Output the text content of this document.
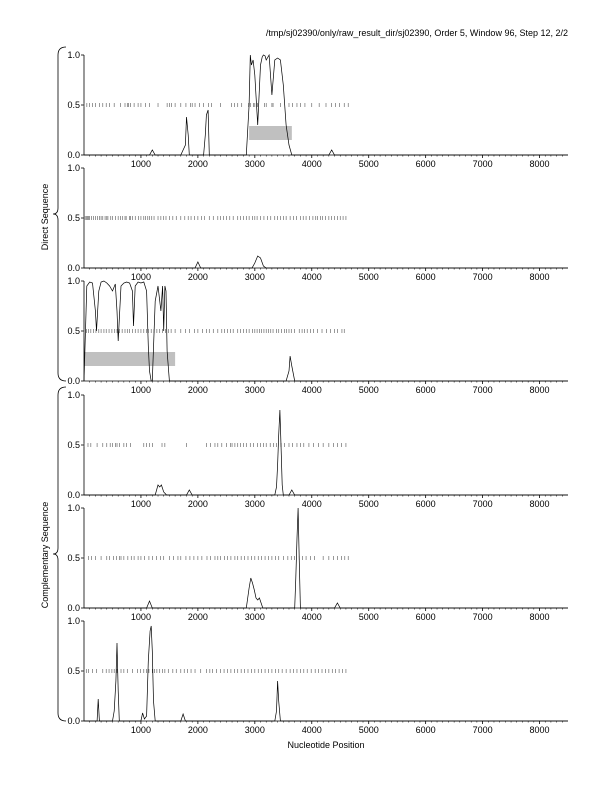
/tmp/sj02390/only/raw_result_dir/sj02390, Order 5, Window 96, Step 12, 2/2
0.0
0.5
1.0
1000	2000	3000	4000	5000	6000	7000	8000
0.0
0.5
1.0
1000	2000	3000	4000	5000	6000	7000	8000
0.0
0.5
1.0
1000	2000	3000	4000	5000	6000	7000	8000
0.0
0.5
1.0
1000	2000	3000	4000	5000	6000	7000	8000
0.0
0.5
1.0
1000	2000	3000	4000	5000	6000	7000	8000
0.0
0.5
1.0
1000	2000	3000	4000	5000	6000	7000	8000
Nucleotide Position
Direct Sequence
Complementary Sequence
